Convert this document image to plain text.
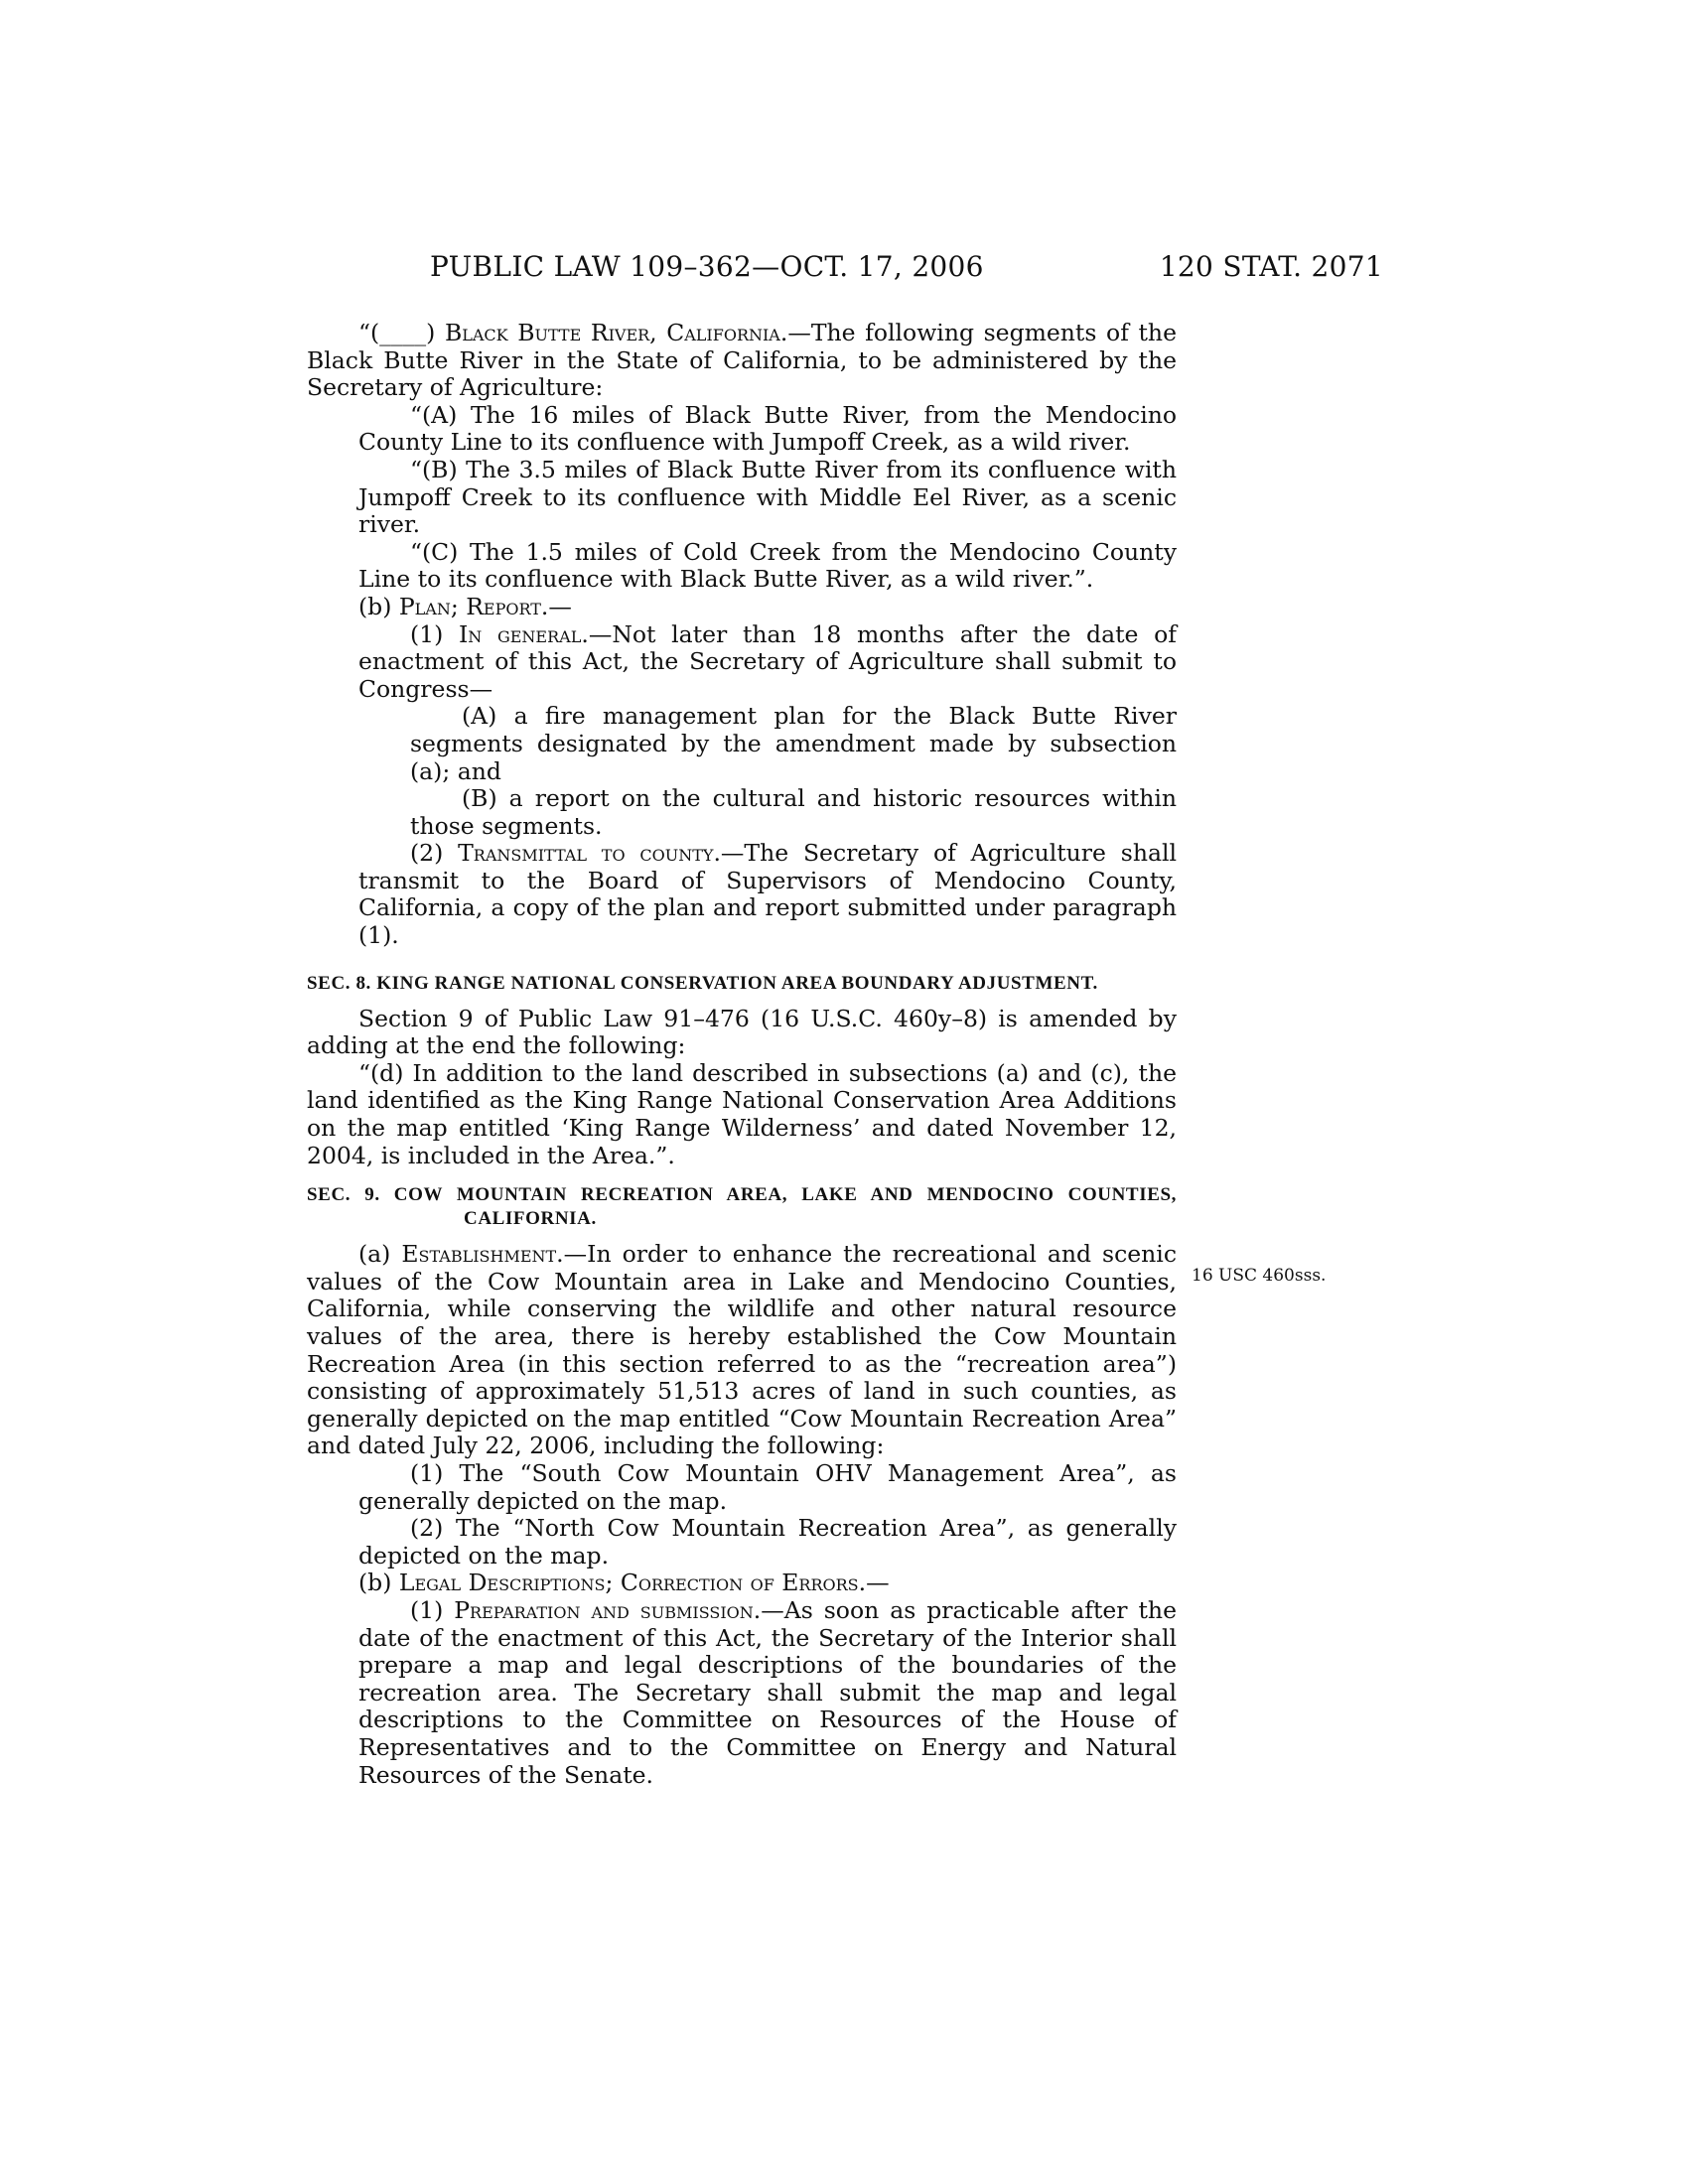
PUBLIC LAW 109–362—OCT. 17, 2006	120 STAT. 2071
16 USC 460sss.

“(____) Black Butte River, California.—The following segments of the Black Butte River in the State of California, to be administered by the Secretary of Agriculture:

“(A) The 16 miles of Black Butte River, from the Mendocino County Line to its confluence with Jumpoff Creek, as a wild river.

“(B) The 3.5 miles of Black Butte River from its confluence with Jumpoff Creek to its confluence with Middle Eel River, as a scenic river.

“(C) The 1.5 miles of Cold Creek from the Mendocino County Line to its confluence with Black Butte River, as a wild river.”.

(b) Plan; Report.—

(1) In general.—Not later than 18 months after the date of enactment of this Act, the Secretary of Agriculture shall submit to Congress—

(A) a fire management plan for the Black Butte River segments designated by the amendment made by subsection (a); and

(B) a report on the cultural and historic resources within those segments.

(2) Transmittal to county.—The Secretary of Agriculture shall transmit to the Board of Supervisors of Mendocino County, California, a copy of the plan and report submitted under paragraph (1).

SEC. 8. KING RANGE NATIONAL CONSERVATION AREA BOUNDARY ADJUSTMENT.

Section 9 of Public Law 91–476 (16 U.S.C. 460y–8) is amended by adding at the end the following:

“(d) In addition to the land described in subsections (a) and (c), the land identified as the King Range National Conservation Area Additions on the map entitled ‘King Range Wilderness’ and dated November 12, 2004, is included in the Area.”.

SEC. 9. COW MOUNTAIN RECREATION AREA, LAKE AND MENDOCINO COUNTIES, CALIFORNIA.

(a) Establishment.—In order to enhance the recreational and scenic values of the Cow Mountain area in Lake and Mendocino Counties, California, while conserving the wildlife and other natural resource values of the area, there is hereby established the Cow Mountain Recreation Area (in this section referred to as the “recreation area”) consisting of approximately 51,513 acres of land in such counties, as generally depicted on the map entitled “Cow Mountain Recreation Area” and dated July 22, 2006, including the following:

(1) The “South Cow Mountain OHV Management Area”, as generally depicted on the map.

(2) The “North Cow Mountain Recreation Area”, as generally depicted on the map.

(b) Legal Descriptions; Correction of Errors.—

(1) Preparation and submission.—As soon as practicable after the date of the enactment of this Act, the Secretary of the Interior shall prepare a map and legal descriptions of the boundaries of the recreation area. The Secretary shall submit the map and legal descriptions to the Committee on Resources of the House of Representatives and to the Committee on Energy and Natural Resources of the Senate.
